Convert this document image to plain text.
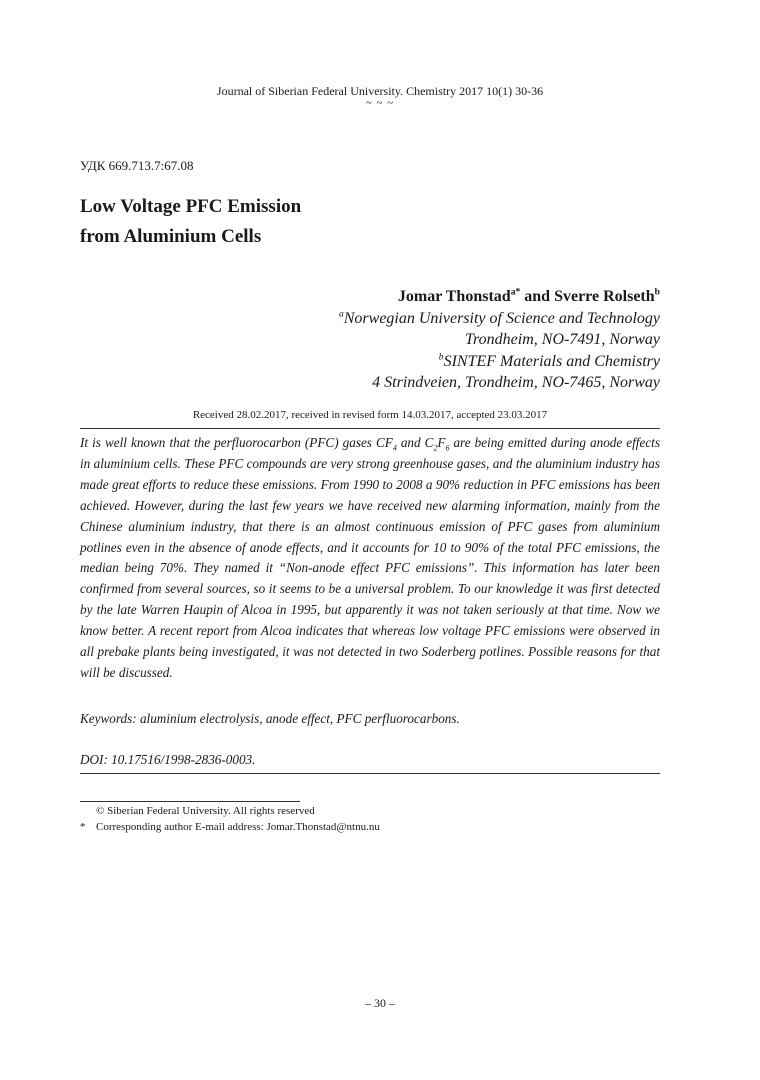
Journal of Siberian Federal University. Chemistry 2017 10(1) 30-36
~ ~ ~
УДК 669.713.7:67.08
Low Voltage PFC Emission
from Aluminium Cells
Jomar Thonstad$^{a*}$ and Sverre Rolseth$^b$
$^a$Norwegian University of Science and Technology
Trondheim, NO-7491, Norway
$^b$SINTEF Materials and Chemistry
4 Strindveien, Trondheim, NO-7465, Norway
Received 28.02.2017, received in revised form 14.03.2017, accepted 23.03.2017

It is well known that the perfluorocarbon (PFC) gases $CF_4$ and $C_2F_6$ are being emitted during anode effects in aluminium cells. These PFC compounds are very strong greenhouse gases, and the aluminium industry has made great efforts to reduce these emissions. From 1990 to 2008 a 90% reduction in PFC emissions has been achieved. However, during the last few years we have received new alarming information, mainly from the Chinese aluminium industry, that there is an almost continuous emission of PFC gases from aluminium potlines even in the absence of anode effects, and it accounts for 10 to 90% of the total PFC emissions, the median being 70%. They named it “Non-anode effect PFC emissions”. This information has later been confirmed from several sources, so it seems to be a universal problem. To our knowledge it was first detected by the late Warren Haupin of Alcoa in 1995, but apparently it was not taken seriously at that time. Now we know better. A recent report from Alcoa indicates that whereas low voltage PFC emissions were observed in all prebake plants being investigated, it was not detected in two Soderberg potlines. Possible reasons for that will be discussed.

Keywords: aluminium electrolysis, anode effect, PFC perfluorocarbons.
DOI: 10.17516/1998-2836-0003.
© Siberian Federal University. All rights reserved
* Corresponding author E-mail address: Jomar.Thonstad@ntnu.nu
– 30 –
